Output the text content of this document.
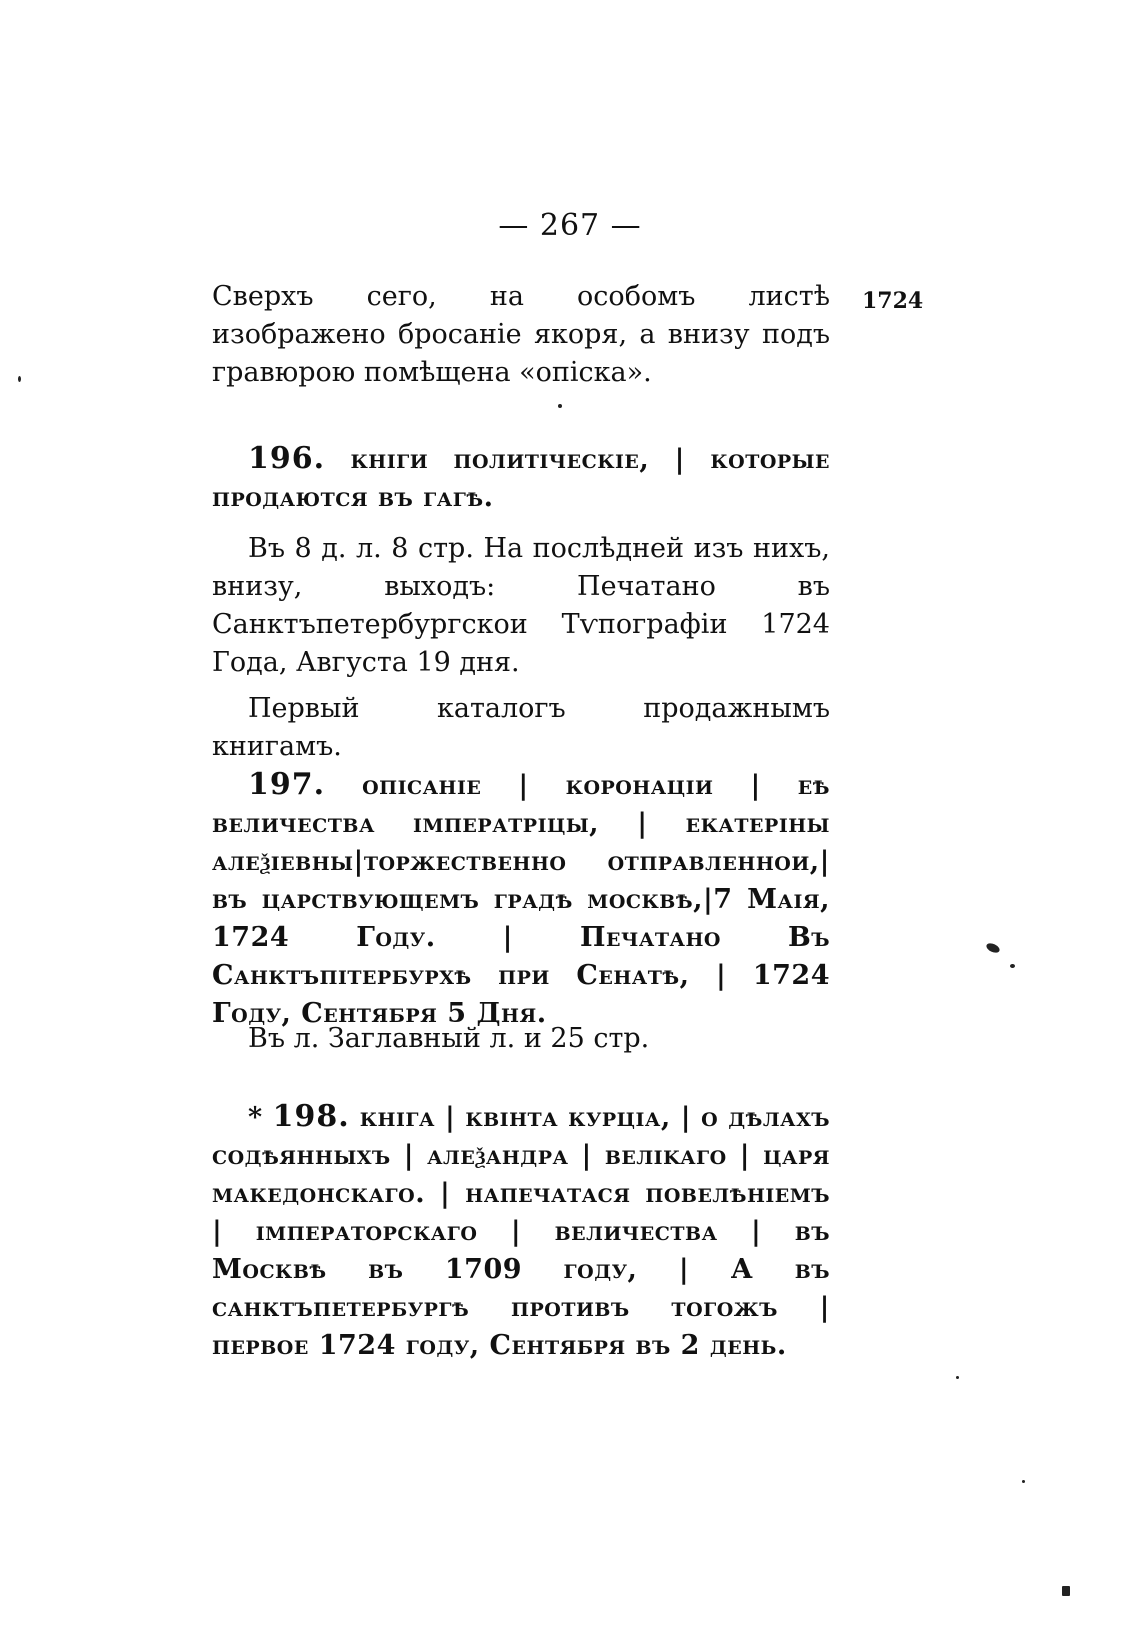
— 267 —
1724
Сверхъ сего, на особомъ листѣ изображено бросаніе якоря, а внизу подъ гравюрою помѣщена «опіска».
196. кніги политіческіе, | которые продаются въ гагѣ.
Въ 8 д. л. 8 стр. На послѣдней изъ нихъ, внизу, выходъ: Печатано въ Санктъпетербургскои Тѵпографіи 1724 Года, Августа 19 дня.
Первый каталогъ продажнымъ книгамъ.
197. опісаніе | коронаціи | еѣ величества імператріцы, | екатеріны алеѯіевны|торжественно отправленнои,|въ царствующемъ градѣ москвѣ,|7 Маія, 1724 Году. | Печатано Въ Санктъпітербурхѣ при Сенатѣ, | 1724 Году, Сентября 5 Дня.
Въ л. Заглавный л. и 25 стр.
* 198. кніга | квінта курціа, | о дѣлахъ содѣянныхъ | алеѯандра | веліkаго | царя македонскаго. | напечатася повелѣніемъ | імператорскаго | величества | въ Москвѣ въ 1709 году, | А въ санктъпетербургѣ противъ тогожъ | первое 1724 году, Сентября въ 2 день.
